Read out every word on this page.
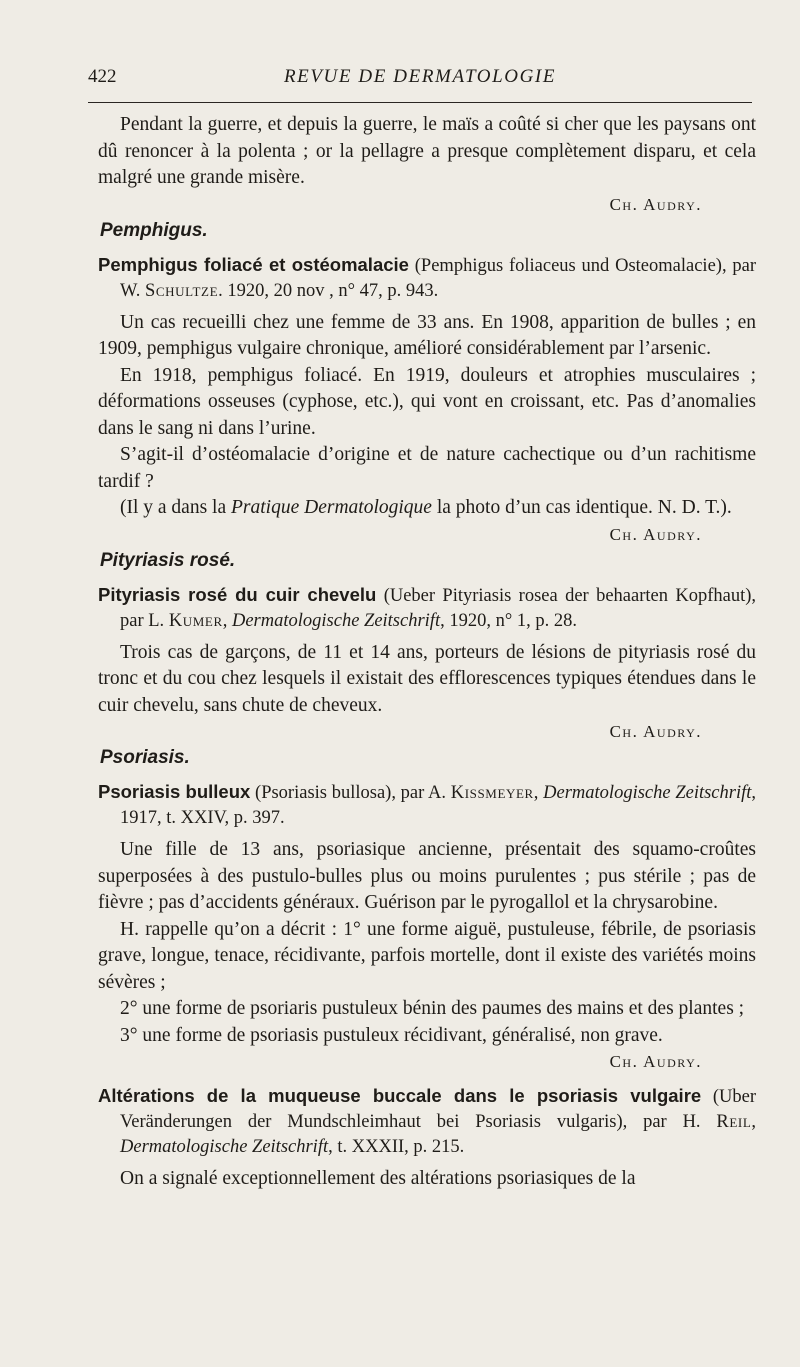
422	REVUE DE DERMATOLOGIE

Pendant la guerre, et depuis la guerre, le maïs a coûté si cher que les paysans ont dû renoncer à la polenta ; or la pellagre a presque complètement disparu, et cela malgré une grande misère.

Ch. Audry.

Pemphigus.

Pemphigus foliacé et ostéomalacie (Pemphigus foliaceus und Osteomalacie), par W. Schultze. 1920, 20 nov , n° 47, p. 943.

Un cas recueilli chez une femme de 33 ans. En 1908, apparition de bulles ; en 1909, pemphigus vulgaire chronique, amélioré considérablement par l’arsenic.

En 1918, pemphigus foliacé. En 1919, douleurs et atrophies musculaires ; déformations osseuses (cyphose, etc.), qui vont en croissant, etc. Pas d’anomalies dans le sang ni dans l’urine.

S’agit-il d’ostéomalacie d’origine et de nature cachectique ou d’un rachitisme tardif ?

(Il y a dans la Pratique Dermatologique la photo d’un cas identique. N. D. T.).

Ch. Audry.

Pityriasis rosé.

Pityriasis rosé du cuir chevelu (Ueber Pityriasis rosea der behaarten Kopfhaut), par L. Kumer, Dermatologische Zeitschrift, 1920, n° 1, p. 28.

Trois cas de garçons, de 11 et 14 ans, porteurs de lésions de pityriasis rosé du tronc et du cou chez lesquels il existait des efflorescences typiques étendues dans le cuir chevelu, sans chute de cheveux.

Ch. Audry.

Psoriasis.

Psoriasis bulleux (Psoriasis bullosa), par A. Kissmeyer, Dermatologische Zeitschrift, 1917, t. XXIV, p. 397.

Une fille de 13 ans, psoriasique ancienne, présentait des squamo-croûtes superposées à des pustulo-bulles plus ou moins purulentes ; pus stérile ; pas de fièvre ; pas d’accidents généraux. Guérison par le pyrogallol et la chrysarobine.

H. rappelle qu’on a décrit : 1° une forme aiguë, pustuleuse, fébrile, de psoriasis grave, longue, tenace, récidivante, parfois mortelle, dont il existe des variétés moins sévères ;

2° une forme de psoriaris pustuleux bénin des paumes des mains et des plantes ;

3° une forme de psoriasis pustuleux récidivant, généralisé, non grave.

Ch. Audry.

Altérations de la muqueuse buccale dans le psoriasis vulgaire (Uber Veränderungen der Mundschleimhaut bei Psoriasis vulgaris), par H. Reil, Dermatologische Zeitschrift, t. XXXII, p. 215.

On a signalé exceptionnellement des altérations psoriasiques de la
